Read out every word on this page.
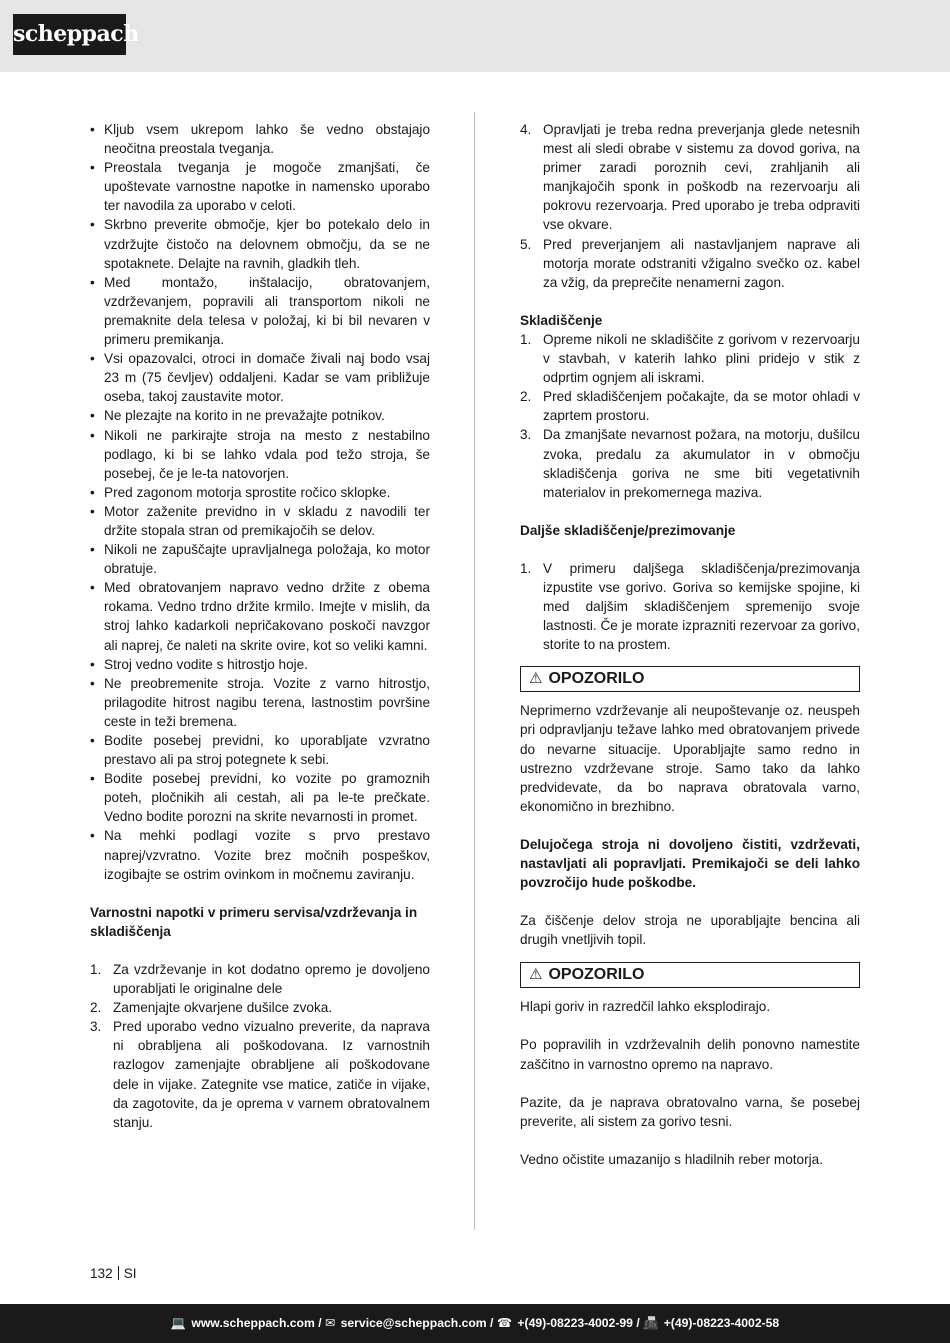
scheppach
• Kljub vsem ukrepom lahko še vedno obstajajo neočitna preostala tveganja.
• Preostala tveganja je mogoče zmanjšati, če upoštevate varnostne napotke in namensko uporabo ter navodila za uporabo v celoti.
• Skrbno preverite območje, kjer bo potekalo delo in vzdržujte čistočo na delovnem območju, da se ne spotaknete. Delajte na ravnih, gladkih tleh.
• Med montažo, inštalacijo, obratovanjem, vzdrževanjem, popravili ali transportom nikoli ne premaknite dela telesa v položaj, ki bi bil nevaren v primeru premikanja.
• Vsi opazovalci, otroci in domače živali naj bodo vsaj 23 m (75 čevljev) oddaljeni. Kadar se vam približuje oseba, takoj zaustavite motor.
• Ne plezajte na korito in ne prevažajte potnikov.
• Nikoli ne parkirajte stroja na mesto z nestabilno podlago, ki bi se lahko vdala pod težo stroja, še posebej, če je le-ta natovorjen.
• Pred zagonom motorja sprostite ročico sklopke.
• Motor zaženite previdno in v skladu z navodili ter držite stopala stran od premikajočih se delov.
• Nikoli ne zapuščajte upravljalnega položaja, ko motor obratuje.
• Med obratovanjem napravo vedno držite z obema rokama. Vedno trdno držite krmilo. Imejte v mislih, da stroj lahko kadarkoli nepričakovano poskoči navzgor ali naprej, če naleti na skrite ovire, kot so veliki kamni.
• Stroj vedno vodite s hitrostjo hoje.
• Ne preobremenite stroja. Vozite z varno hitrostjo, prilagodite hitrost nagibu terena, lastnostim površine ceste in teži bremena.
• Bodite posebej previdni, ko uporabljate vzvratno prestavo ali pa stroj potegnete k sebi.
• Bodite posebej previdni, ko vozite po gramoznih poteh, pločnikih ali cestah, ali pa le-te prečkate. Vedno bodite porozni na skrite nevarnosti in promet.
• Na mehki podlagi vozite s prvo prestavo naprej/vzvratno. Vozite brez močnih pospeškov, izogibajte se ostrim ovinkom in močnemu zaviranju.
Varnostni napotki v primeru servisa/vzdrževanja in skladiščenja
1. Za vzdrževanje in kot dodatno opremo je dovoljeno uporabljati le originalne dele
2. Zamenjajte okvarjene dušilce zvoka.
3. Pred uporabo vedno vizualno preverite, da naprava ni obrabljena ali poškodovana. Iz varnostnih razlogov zamenjajte obrabljene ali poškodovane dele in vijake. Zategnite vse matice, zatiče in vijake, da zagotovite, da je oprema v varnem obratovalnem stanju.
4. Opravljati je treba redna preverjanja glede netesnih mest ali sledi obrabe v sistemu za dovod goriva, na primer zaradi poroznih cevi, zrahljanih ali manjkajočih sponk in poškodb na rezervoarju ali pokrovu rezervoarja. Pred uporabo je treba odpraviti vse okvare.
5. Pred preverjanjem ali nastavljanjem naprave ali motorja morate odstraniti vžigalno svečko oz. kabel za vžig, da preprečite nenamerni zagon.
Skladiščenje
1. Opreme nikoli ne skladiščite z gorivom v rezervoarju v stavbah, v katerih lahko plini pridejo v stik z odprtim ognjem ali iskrami.
2. Pred skladiščenjem počakajte, da se motor ohladi v zaprtem prostoru.
3. Da zmanjšate nevarnost požara, na motorju, dušilcu zvoka, predalu za akumulator in v območju skladiščenja goriva ne sme biti vegetativnih materialov in prekomernega maziva.
Daljše skladiščenje/prezimovanje
1. V primeru daljšega skladiščenja/prezimovanja izpustite vse gorivo. Goriva so kemijske spojine, ki med daljšim skladiščenjem spremenijo svoje lastnosti. Če je morate izprazniti rezervoar za gorivo, storite to na prostem.
⚠ OPOZORILO

Neprimerno vzdrževanje ali neupoštevanje oz. neuspeh pri odpravljanju težave lahko med obratovanjem privede do nevarne situacije. Uporabljajte samo redno in ustrezno vzdrževane stroje. Samo tako da lahko predvidevate, da bo naprava obratovala varno, ekonomično in brezhibno.

Delujočega stroja ni dovoljeno čistiti, vzdrževati, nastavljati ali popravljati. Premikajoči se deli lahko povzročijo hude poškodbe.

Za čiščenje delov stroja ne uporabljajte bencina ali drugih vnetljivih topil.

⚠ OPOZORILO

Hlapi goriv in razredčil lahko eksplodirajo.

Po popravilih in vzdrževalnih delih ponovno namestite zaščitno in varnostno opremo na napravo.

Pazite, da je naprava obratovalno varna, še posebej preverite, ali sistem za gorivo tesni.

Vedno očistite umazanijo s hladilnih reber motorja.

132 SI
💻 www.scheppach.com / ✉ service@scheppach.com / ☎ +(49)-08223-4002-99 / 📠 +(49)-08223-4002-58
